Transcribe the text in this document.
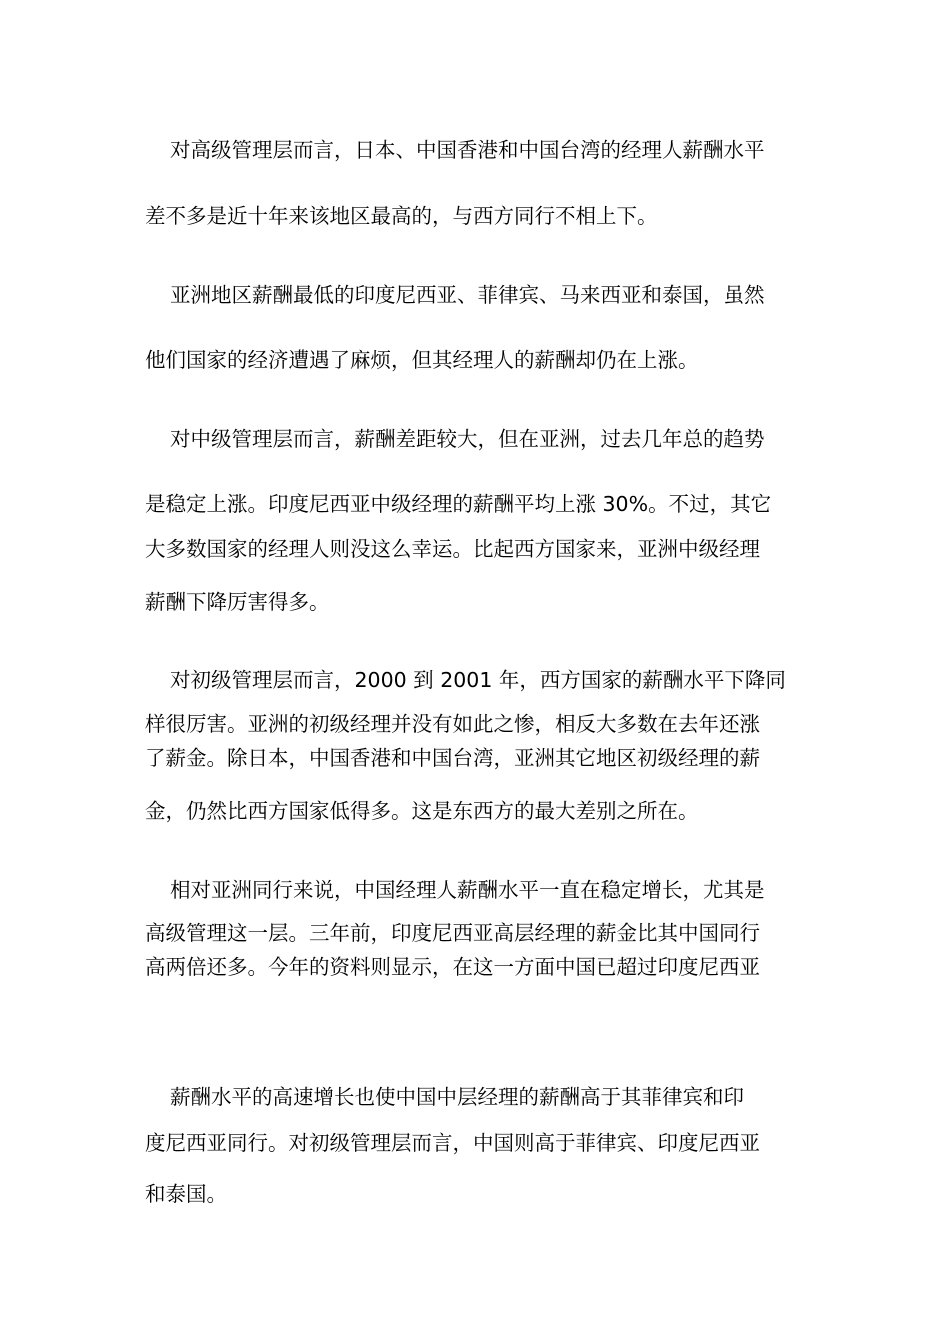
对高级管理层而言，日本、中国香港和中国台湾的经理人薪酬水平
差不多是近十年来该地区最高的，与西方同行不相上下。
亚洲地区薪酬最低的印度尼西亚、菲律宾、马来西亚和泰国，虽然
他们国家的经济遭遇了麻烦，但其经理人的薪酬却仍在上涨。
对中级管理层而言，薪酬差距较大，但在亚洲，过去几年总的趋势
是稳定上涨。印度尼西亚中级经理的薪酬平均上涨 30%。不过，其它
大多数国家的经理人则没这么幸运。比起西方国家来，亚洲中级经理
薪酬下降厉害得多。
对初级管理层而言，2000 到 2001 年，西方国家的薪酬水平下降同
样很厉害。亚洲的初级经理并没有如此之惨，相反大多数在去年还涨
了薪金。除日本，中国香港和中国台湾，亚洲其它地区初级经理的薪
金，仍然比西方国家低得多。这是东西方的最大差别之所在。
相对亚洲同行来说，中国经理人薪酬水平一直在稳定增长，尤其是
高级管理这一层。三年前，印度尼西亚高层经理的薪金比其中国同行
高两倍还多。今年的资料则显示，在这一方面中国已超过印度尼西亚
薪酬水平的高速增长也使中国中层经理的薪酬高于其菲律宾和印
度尼西亚同行。对初级管理层而言，中国则高于菲律宾、印度尼西亚
和泰国。
